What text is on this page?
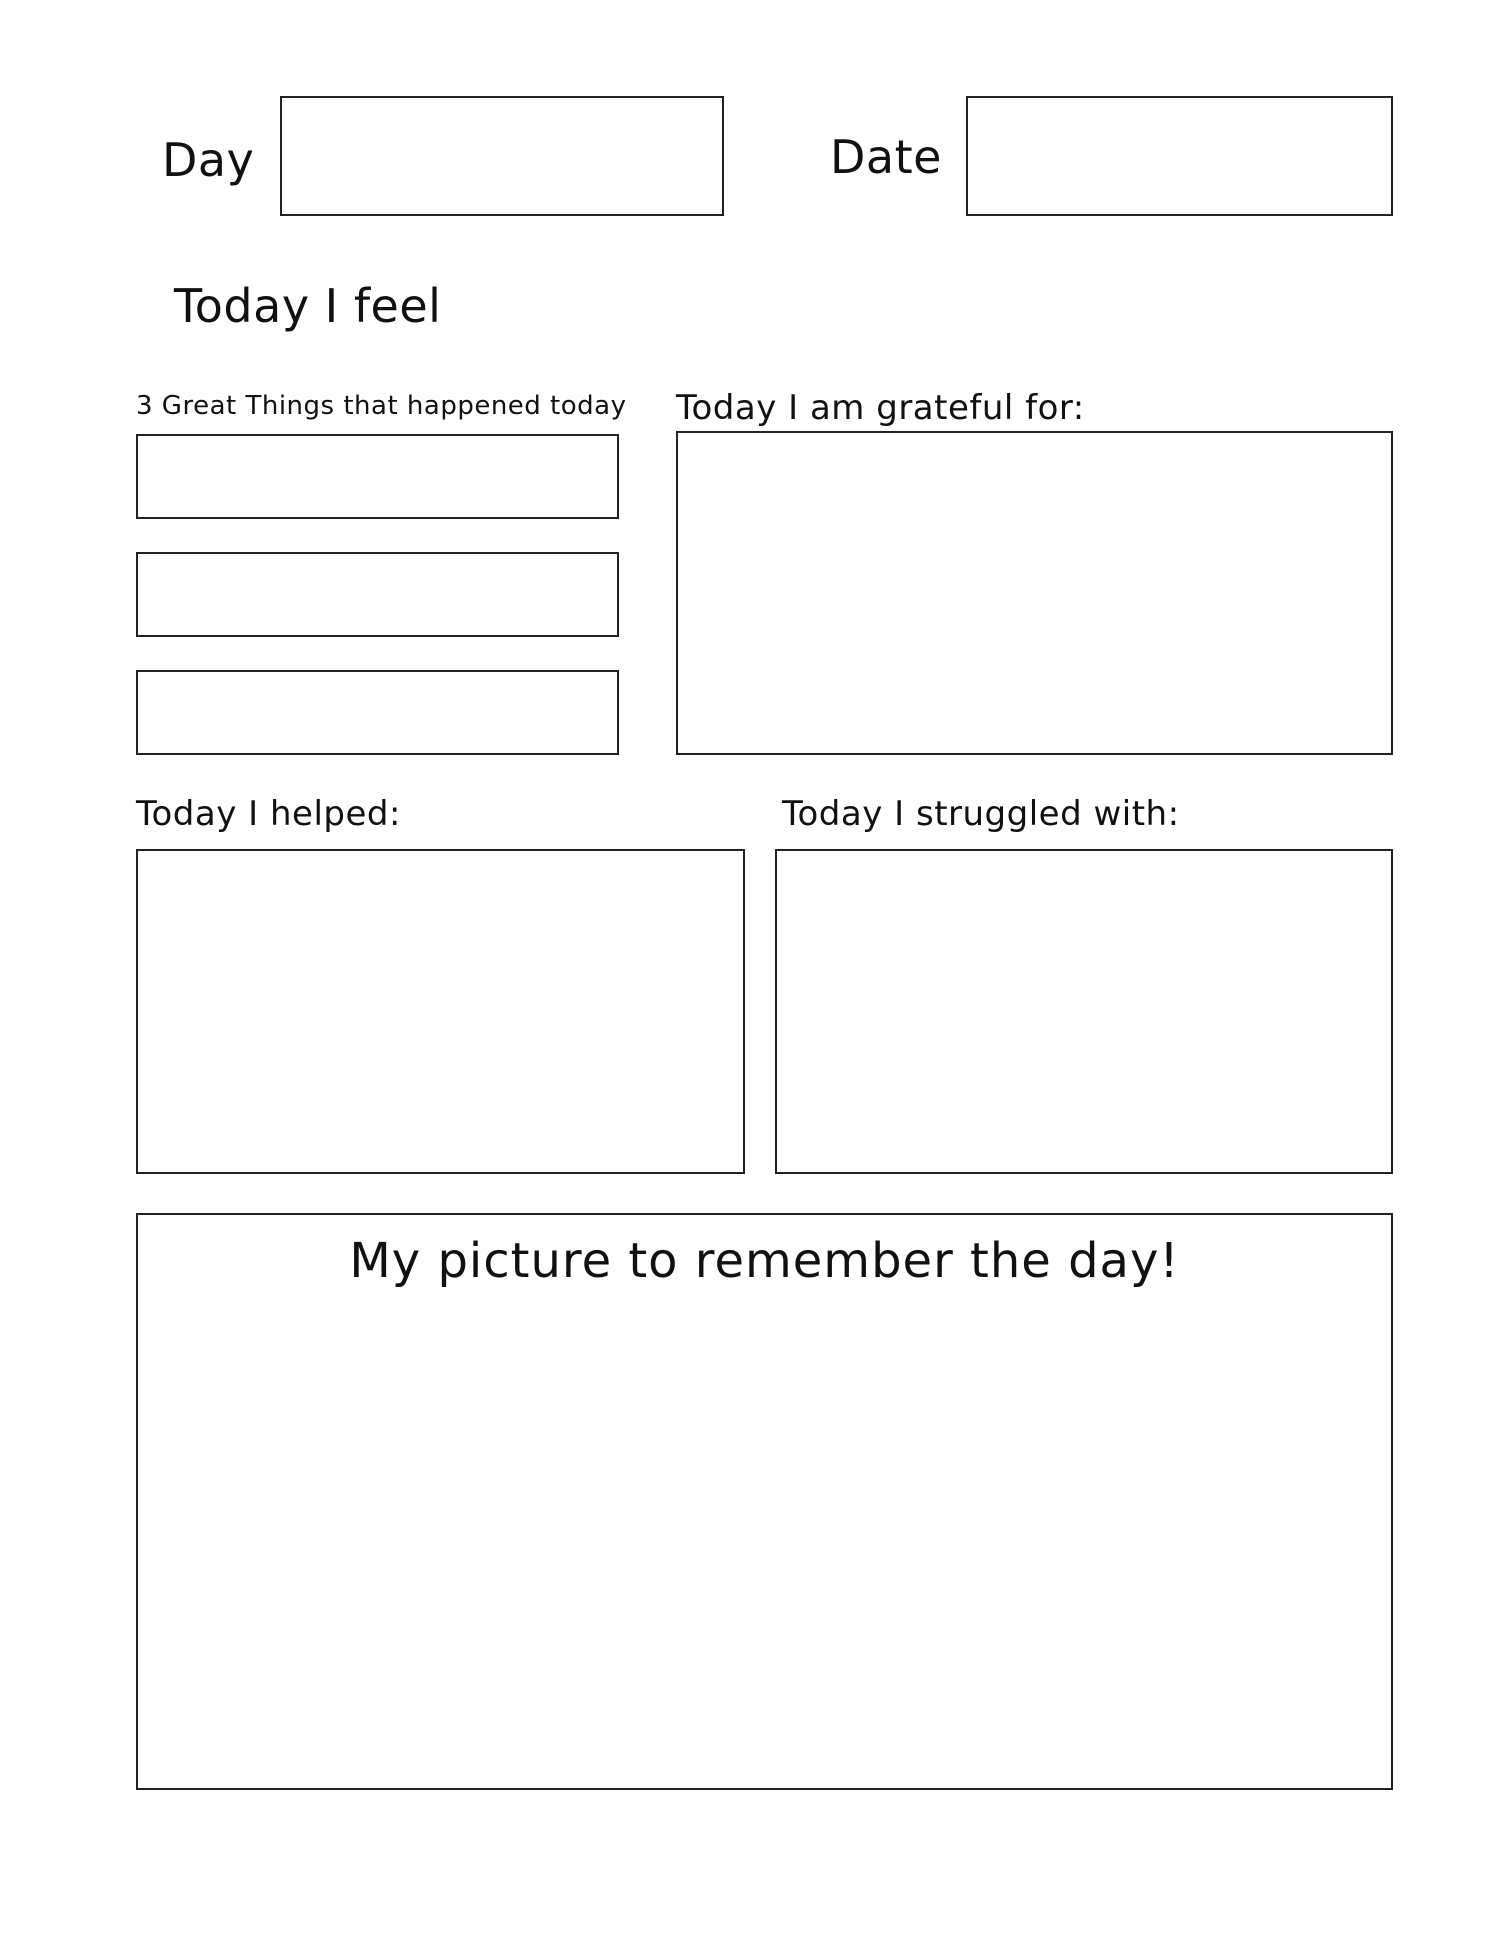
Day	Date
Today I feel
3 Great Things that happened today Today I am grateful for:
Today I helped:	Today I struggled with:
My picture to remember the day!
